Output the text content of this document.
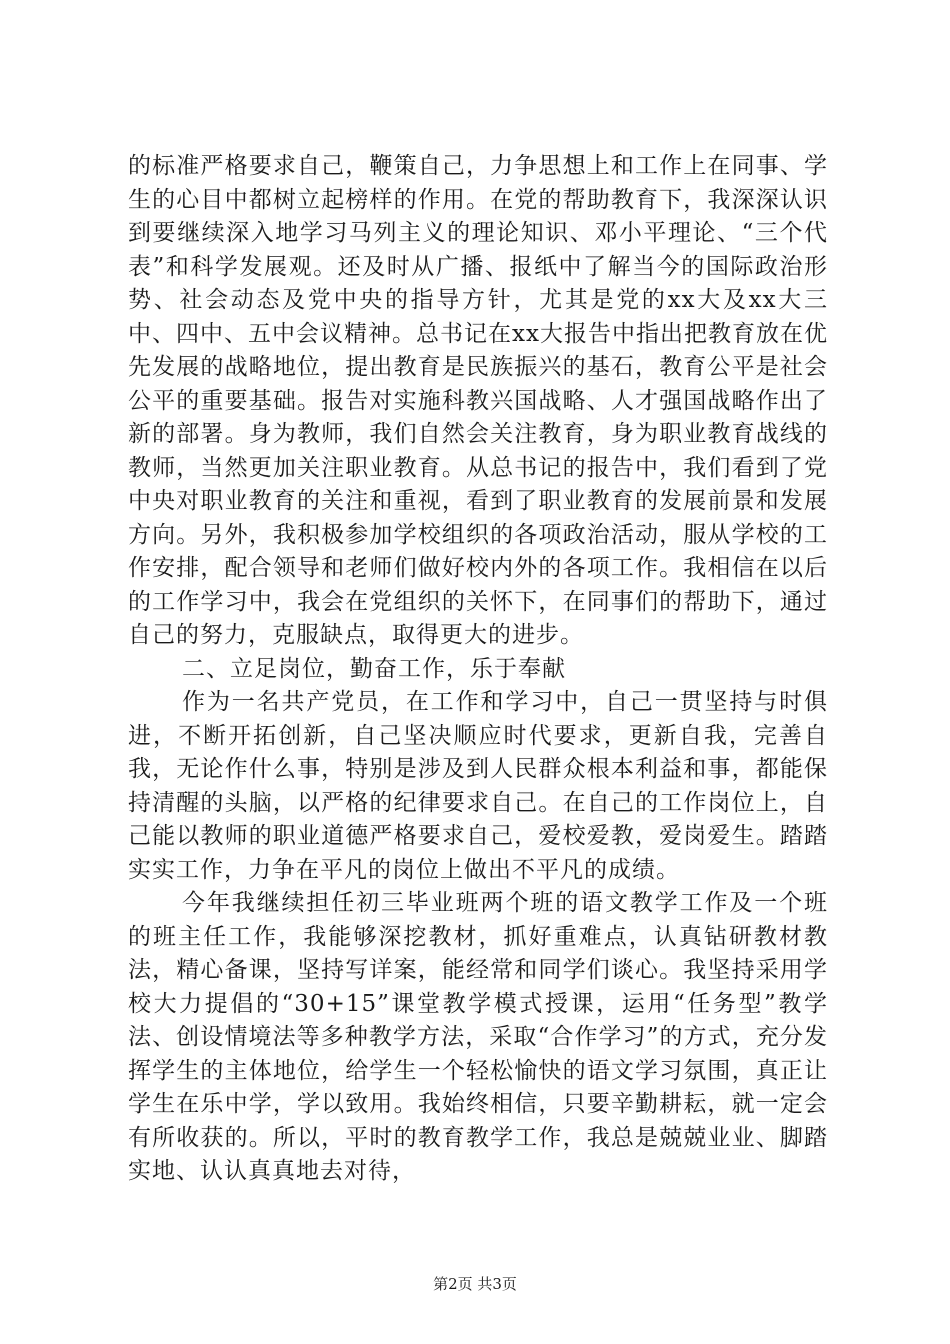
的标准严格要求自己，鞭策自己，力争思想上和工作上在同事、学生的心目中都树立起榜样的作用。在党的帮助教育下，我深深认识到要继续深入地学习马列主义的理论知识、邓小平理论、“三个代表”和科学发展观。还及时从广播、报纸中了解当今的国际政治形势、社会动态及党中央的指导方针，尤其是党的xx大及xx大三中、四中、五中会议精神。总书记在xx大报告中指出把教育放在优先发展的战略地位，提出教育是民族振兴的基石，教育公平是社会公平的重要基础。报告对实施科教兴国战略、人才强国战略作出了新的部署。身为教师，我们自然会关注教育，身为职业教育战线的教师，当然更加关注职业教育。从总书记的报告中，我们看到了党中央对职业教育的关注和重视，看到了职业教育的发展前景和发展方向。另外，我积极参加学校组织的各项政治活动，服从学校的工作安排，配合领导和老师们做好校内外的各项工作。我相信在以后的工作学习中，我会在党组织的关怀下，在同事们的帮助下，通过自己的努力，克服缺点，取得更大的进步。

二、立足岗位，勤奋工作，乐于奉献

作为一名共产党员，在工作和学习中，自己一贯坚持与时俱进，不断开拓创新，自己坚决顺应时代要求，更新自我，完善自我，无论作什么事，特别是涉及到人民群众根本利益和事，都能保持清醒的头脑，以严格的纪律要求自己。在自己的工作岗位上，自己能以教师的职业道德严格要求自己，爱校爱教，爱岗爱生。踏踏实实工作，力争在平凡的岗位上做出不平凡的成绩。

今年我继续担任初三毕业班两个班的语文教学工作及一个班的班主任工作，我能够深挖教材，抓好重难点，认真钻研教材教法，精心备课，坚持写详案，能经常和同学们谈心。我坚持采用学校大力提倡的“30+15”课堂教学模式授课，运用“任务型”教学法、创设情境法等多种教学方法，采取“合作学习”的方式，充分发挥学生的主体地位，给学生一个轻松愉快的语文学习氛围，真正让学生在乐中学，学以致用。我始终相信，只要辛勤耕耘，就一定会有所收获的。所以，平时的教育教学工作，我总是兢兢业业、脚踏实地、认认真真地去对待，

第2页 共3页
